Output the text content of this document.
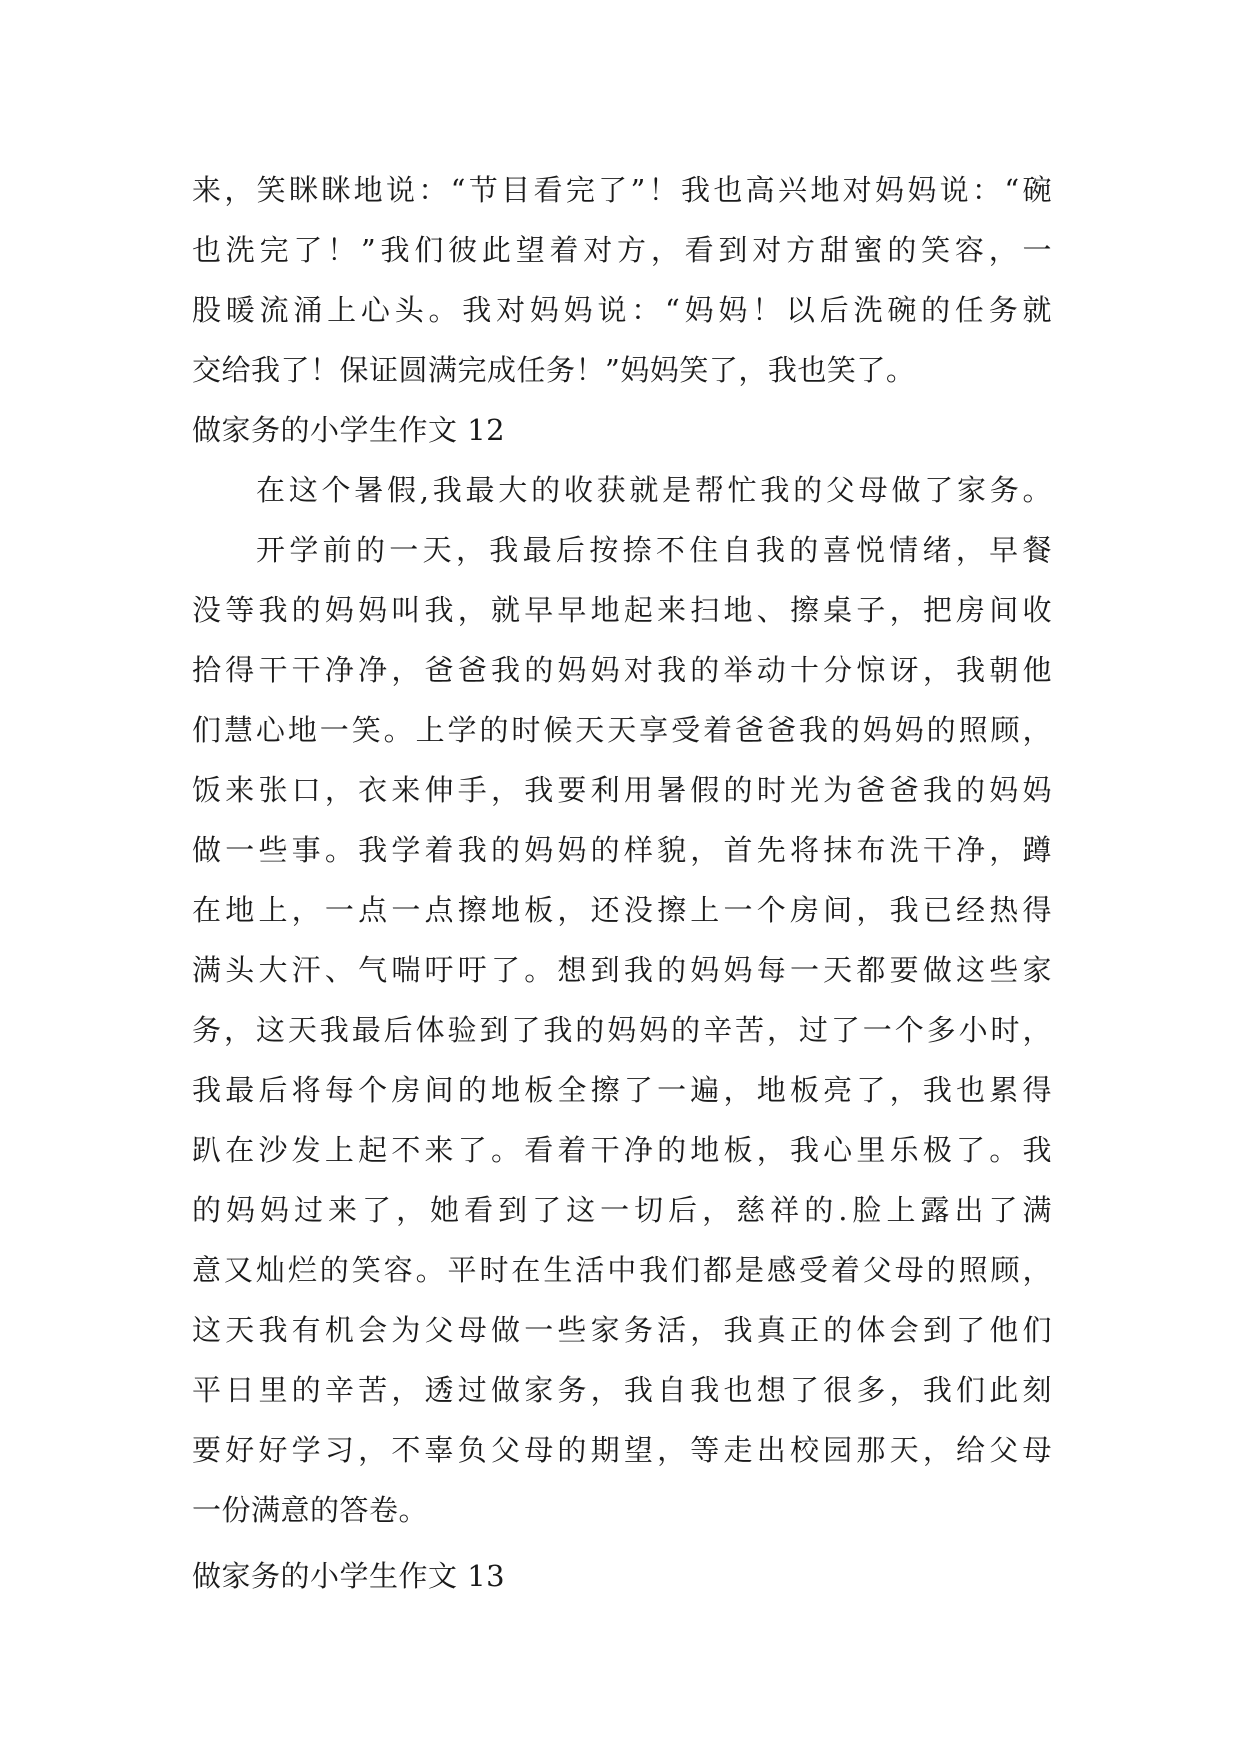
来，笑眯眯地说：“节目看完了”！我也高兴地对妈妈说：“碗
也洗完了！”我们彼此望着对方，看到对方甜蜜的笑容，一
股暖流涌上心头。我对妈妈说：“妈妈！以后洗碗的任务就
交给我了！保证圆满完成任务！”妈妈笑了，我也笑了。
做家务的小学生作文 12
在这个暑假,我最大的收获就是帮忙我的父母做了家务。
开学前的一天，我最后按捺不住自我的喜悦情绪，早餐
没等我的妈妈叫我，就早早地起来扫地、擦桌子，把房间收
拾得干干净净，爸爸我的妈妈对我的举动十分惊讶，我朝他
们慧心地一笑。上学的时候天天享受着爸爸我的妈妈的照顾，
饭来张口，衣来伸手，我要利用暑假的时光为爸爸我的妈妈
做一些事。我学着我的妈妈的样貌，首先将抹布洗干净，蹲
在地上，一点一点擦地板，还没擦上一个房间，我已经热得
满头大汗、气喘吁吁了。想到我的妈妈每一天都要做这些家
务，这天我最后体验到了我的妈妈的辛苦，过了一个多小时，
我最后将每个房间的地板全擦了一遍，地板亮了，我也累得
趴在沙发上起不来了。看着干净的地板，我心里乐极了。我
的妈妈过来了，她看到了这一切后，慈祥的.脸上露出了满
意又灿烂的笑容。平时在生活中我们都是感受着父母的照顾，
这天我有机会为父母做一些家务活，我真正的体会到了他们
平日里的辛苦，透过做家务，我自我也想了很多，我们此刻
要好好学习，不辜负父母的期望，等走出校园那天，给父母
一份满意的答卷。
做家务的小学生作文 13
